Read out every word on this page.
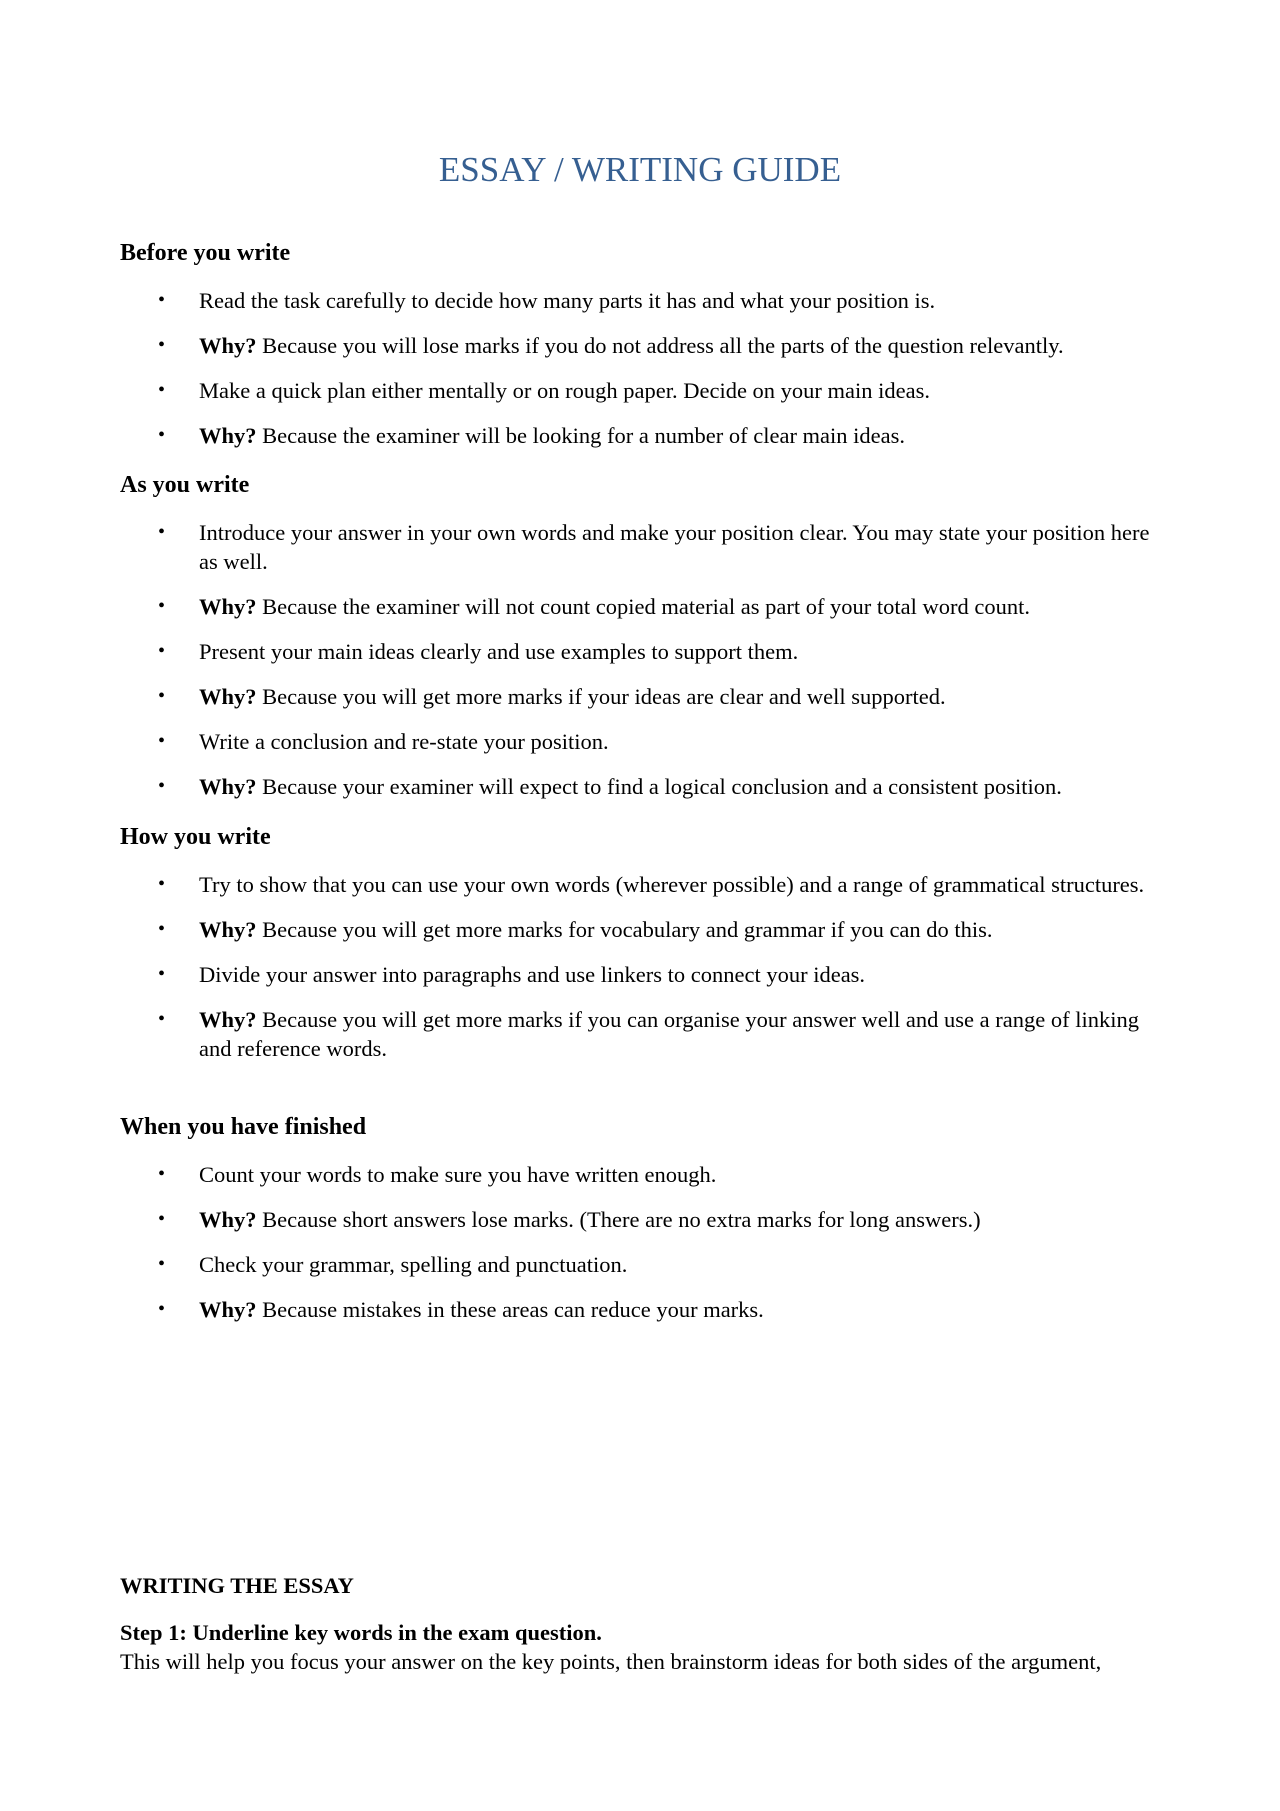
ESSAY / WRITING GUIDE
Before you write
• Read the task carefully to decide how many parts it has and what your position is.
• Why? Because you will lose marks if you do not address all the parts of the question relevantly.
• Make a quick plan either mentally or on rough paper. Decide on your main ideas.
• Why? Because the examiner will be looking for a number of clear main ideas.
As you write
• Introduce your answer in your own words and make your position clear. You may state your position here as well.
• Why? Because the examiner will not count copied material as part of your total word count.
• Present your main ideas clearly and use examples to support them.
• Why? Because you will get more marks if your ideas are clear and well supported.
• Write a conclusion and re-state your position.
• Why? Because your examiner will expect to find a logical conclusion and a consistent position.
How you write
• Try to show that you can use your own words (wherever possible) and a range of grammatical structures.
• Why? Because you will get more marks for vocabulary and grammar if you can do this.
• Divide your answer into paragraphs and use linkers to connect your ideas.
• Why? Because you will get more marks if you can organise your answer well and use a range of linking and reference words.
When you have finished
• Count your words to make sure you have written enough.
• Why? Because short answers lose marks. (There are no extra marks for long answers.)
• Check your grammar, spelling and punctuation.
• Why? Because mistakes in these areas can reduce your marks.

WRITING THE ESSAY

Step 1: Underline key words in the exam question.

This will help you focus your answer on the key points, then brainstorm ideas for both sides of the argument,
